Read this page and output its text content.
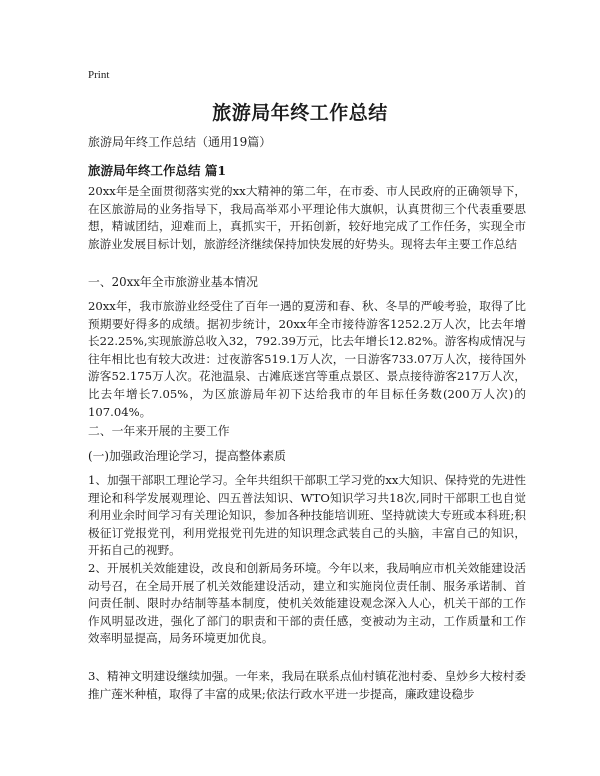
Print
旅游局年终工作总结
旅游局年终工作总结（通用19篇）
旅游局年终工作总结 篇1

20xx年是全面贯彻落实党的xx大精神的第二年，在市委、市人民政府的正确领导下，在区旅游局的业务指导下，我局高举邓小平理论伟大旗帜，认真贯彻三个代表重要思想，精诚团结，迎难而上，真抓实干，开拓创新，较好地完成了工作任务，实现全市旅游业发展目标计划，旅游经济继续保持加快发展的好势头。现将去年主要工作总结

一、20xx年全市旅游业基本情况

20xx年，我市旅游业经受住了百年一遇的夏涝和春、秋、冬旱的严峻考验，取得了比预期要好得多的成绩。据初步统计，20xx年全市接待游客1252.2万人次，比去年增长22.25%,实现旅游总收入32，792.39万元，比去年增长12.82%。游客构成情况与往年相比也有较大改进：过夜游客519.1万人次，一日游客733.07万人次，接待国外游客52.175万人次。花池温泉、古滩底迷宫等重点景区、景点接待游客217万人次，比去年增长7.05%，为区旅游局年初下达给我市的年目标任务数(200万人次)的107.04%。

二、一年来开展的主要工作
(一)加强政治理论学习，提高整体素质

1、加强干部职工理论学习。全年共组织干部职工学习党的xx大知识、保持党的先进性理论和科学发展观理论、四五普法知识、WTO知识学习共18次,同时干部职工也自觉利用业余时间学习有关理论知识，参加各种技能培训班、坚持就读大专班或本科班;积极征订党报党刊，利用党报党刊先进的知识理念武装自己的头脑，丰富自己的知识，开拓自己的视野。

2、开展机关效能建设，改良和创新局务环境。今年以来，我局响应市机关效能建设活动号召，在全局开展了机关效能建设活动，建立和实施岗位责任制、服务承诺制、首问责任制、限时办结制等基本制度，使机关效能建设观念深入人心，机关干部的工作作风明显改进，强化了部门的职责和干部的责任感，变被动为主动，工作质量和工作效率明显提高，局务环境更加优良。

3、精神文明建设继续加强。一年来，我局在联系点仙村镇花池村委、皇炒乡大桉村委推广莲米种植，取得了丰富的成果;依法行政水平进一步提高，廉政建设稳步
